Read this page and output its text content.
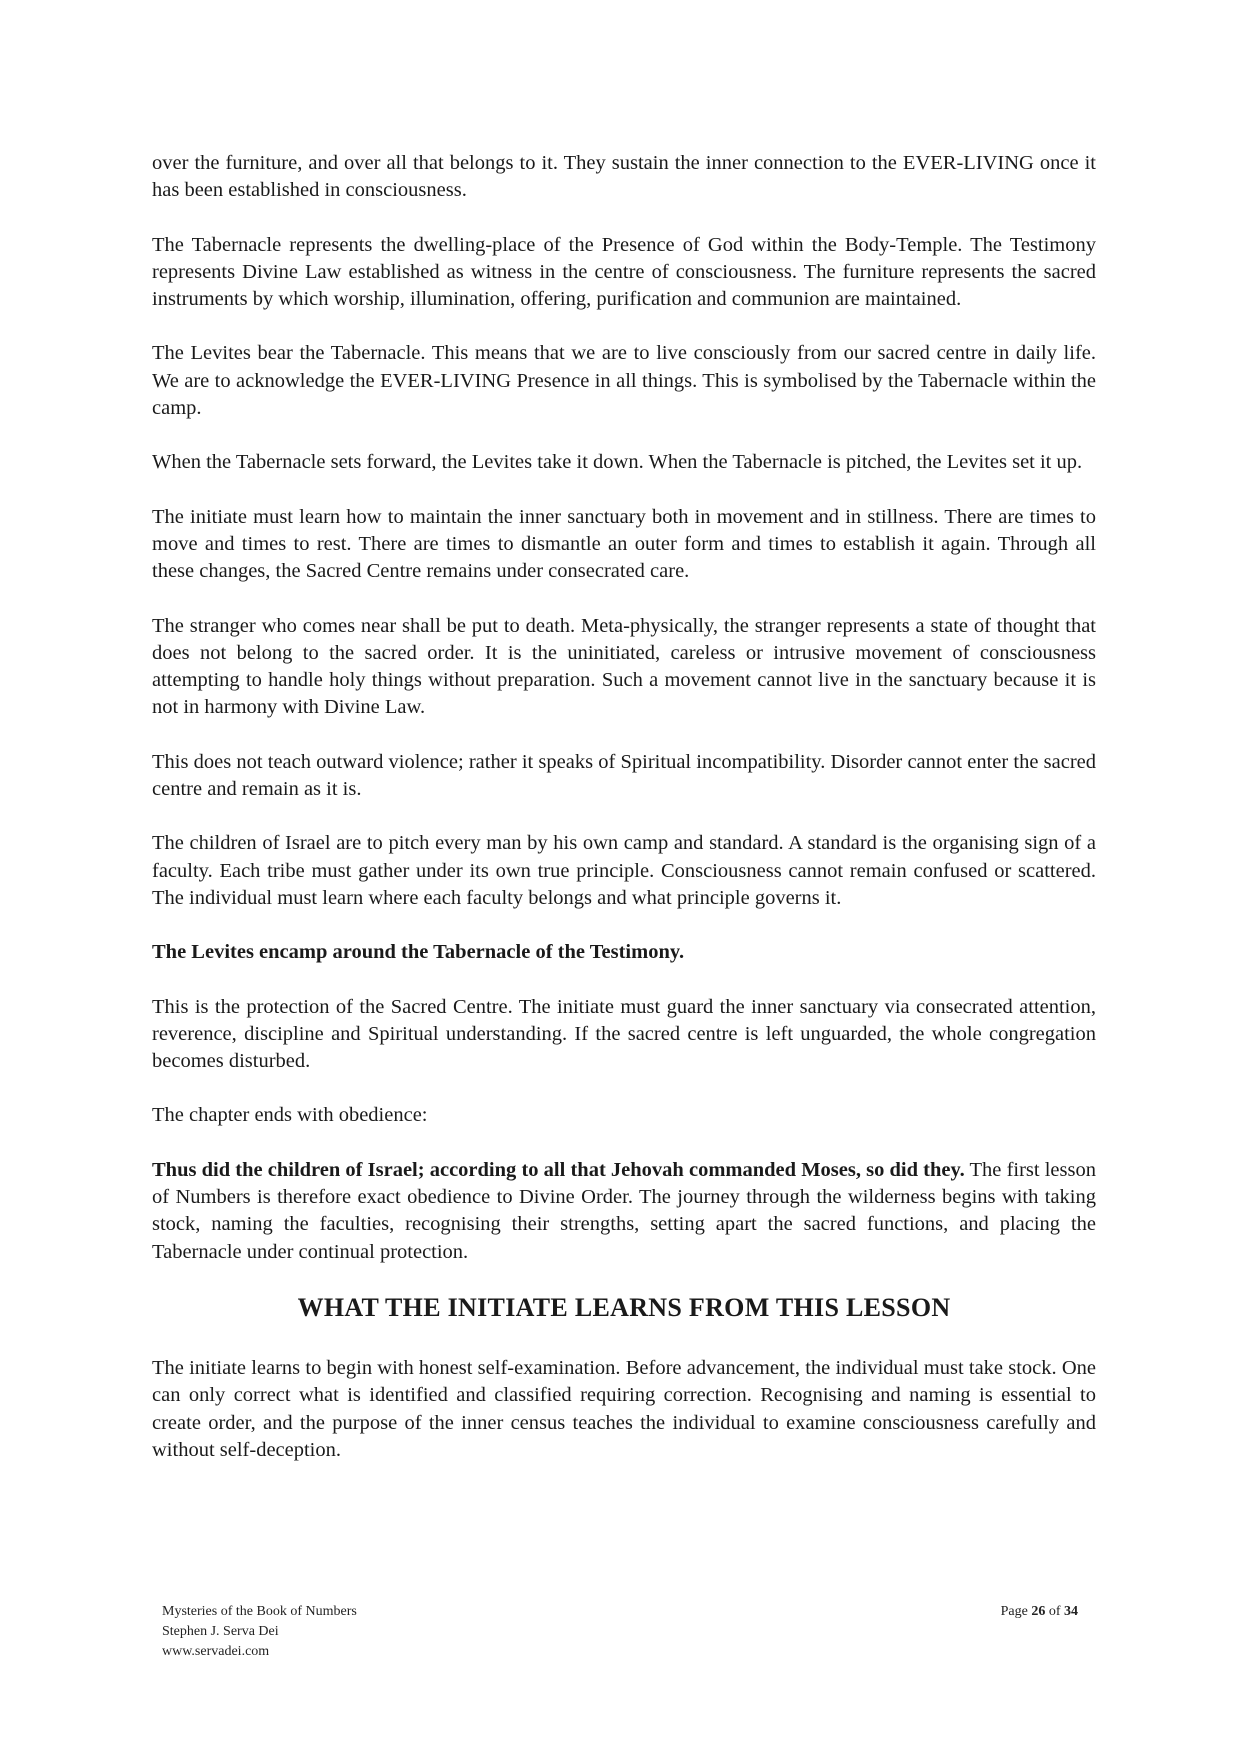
over the furniture, and over all that belongs to it. They sustain the inner connection to the EVER-LIVING once it has been established in consciousness.

The Tabernacle represents the dwelling-place of the Presence of God within the Body-Temple. The Testimony represents Divine Law established as witness in the centre of consciousness. The furniture represents the sacred instruments by which worship, illumination, offering, purification and communion are maintained.

The Levites bear the Tabernacle. This means that we are to live consciously from our sacred centre in daily life. We are to acknowledge the EVER-LIVING Presence in all things. This is symbolised by the Tabernacle within the camp.

When the Tabernacle sets forward, the Levites take it down. When the Tabernacle is pitched, the Levites set it up.

The initiate must learn how to maintain the inner sanctuary both in movement and in stillness. There are times to move and times to rest. There are times to dismantle an outer form and times to establish it again. Through all these changes, the Sacred Centre remains under consecrated care.

The stranger who comes near shall be put to death. Meta-physically, the stranger represents a state of thought that does not belong to the sacred order. It is the uninitiated, careless or intrusive movement of consciousness attempting to handle holy things without preparation. Such a movement cannot live in the sanctuary because it is not in harmony with Divine Law.

This does not teach outward violence; rather it speaks of Spiritual incompatibility. Disorder cannot enter the sacred centre and remain as it is.

The children of Israel are to pitch every man by his own camp and standard. A standard is the organising sign of a faculty. Each tribe must gather under its own true principle. Consciousness cannot remain confused or scattered. The individual must learn where each faculty belongs and what principle governs it.

The Levites encamp around the Tabernacle of the Testimony.

This is the protection of the Sacred Centre. The initiate must guard the inner sanctuary via consecrated attention, reverence, discipline and Spiritual understanding. If the sacred centre is left unguarded, the whole congregation becomes disturbed.

The chapter ends with obedience:

Thus did the children of Israel; according to all that Jehovah commanded Moses, so did they. The first lesson of Numbers is therefore exact obedience to Divine Order. The journey through the wilderness begins with taking stock, naming the faculties, recognising their strengths, setting apart the sacred functions, and placing the Tabernacle under continual protection.

WHAT THE INITIATE LEARNS FROM THIS LESSON

The initiate learns to begin with honest self-examination. Before advancement, the individual must take stock. One can only correct what is identified and classified requiring correction. Recognising and naming is essential to create order, and the purpose of the inner census teaches the individual to examine consciousness carefully and without self-deception.

Mysteries of the Book of Numbers
Stephen J. Serva Dei
www.servadei.com
Page 26 of 34
